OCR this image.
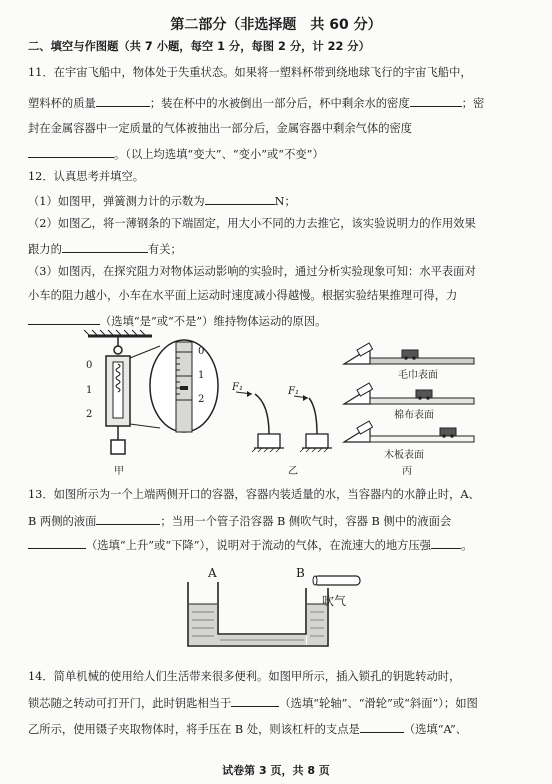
第二部分（非选择题　共 60 分）
二、填空与作图题（共 7 小题，每空 1 分，每图 2 分，计 22 分）
11．在宇宙飞船中，物体处于失重状态。如果将一塑料杯带到绕地球飞行的宇宙飞船中，
塑料杯的质量	；装在杯中的水被倒出一部分后，杯中剩余水的密度	；密
封在金属容器中一定质量的气体被抽出一部分后，金属容器中剩余气体的密度
。（以上均选填“变大”、“变小”或“不变”）
12．认真思考并填空。
（1）如图甲，弹簧测力计的示数为	N；
（2）如图乙，将一薄钢条的下端固定，用大小不同的力去推它，该实验说明力的作用效果
跟力的	有关；
（3）如图丙，在探究阻力对物体运动影响的实验时，通过分析实验现象可知：水平表面对
小车的阻力越小，小车在水平面上运动时速度减小得越慢。根据实验结果推理可得，力
（选填“是”或“不是”）维持物体运动的原因。
0
1
2
0
1
2
甲
F₁	F₁
乙
毛巾表面
棉布表面
木板表面
丙
13．如图所示为一个上端两侧开口的容器，容器内装适量的水，当容器内的水静止时，A、
B 两侧的液面	；当用一个管子沿容器 B 侧吹气时，容器 B 侧中的液面会
（选填“上升”或“下降”），说明对于流动的气体，在流速大的地方压强	。
A	B
吹气
14．简单机械的使用给人们生活带来很多便利。如图甲所示，插入锁孔的钥匙转动时，
锁芯随之转动可打开门，此时钥匙相当于	（选填“轮轴”、“滑轮”或“斜面”）；如图
乙所示，使用镊子夹取物体时，将手压在 B 处，则该杠杆的支点是	（选填“A”、
试卷第 3 页，共 8 页
